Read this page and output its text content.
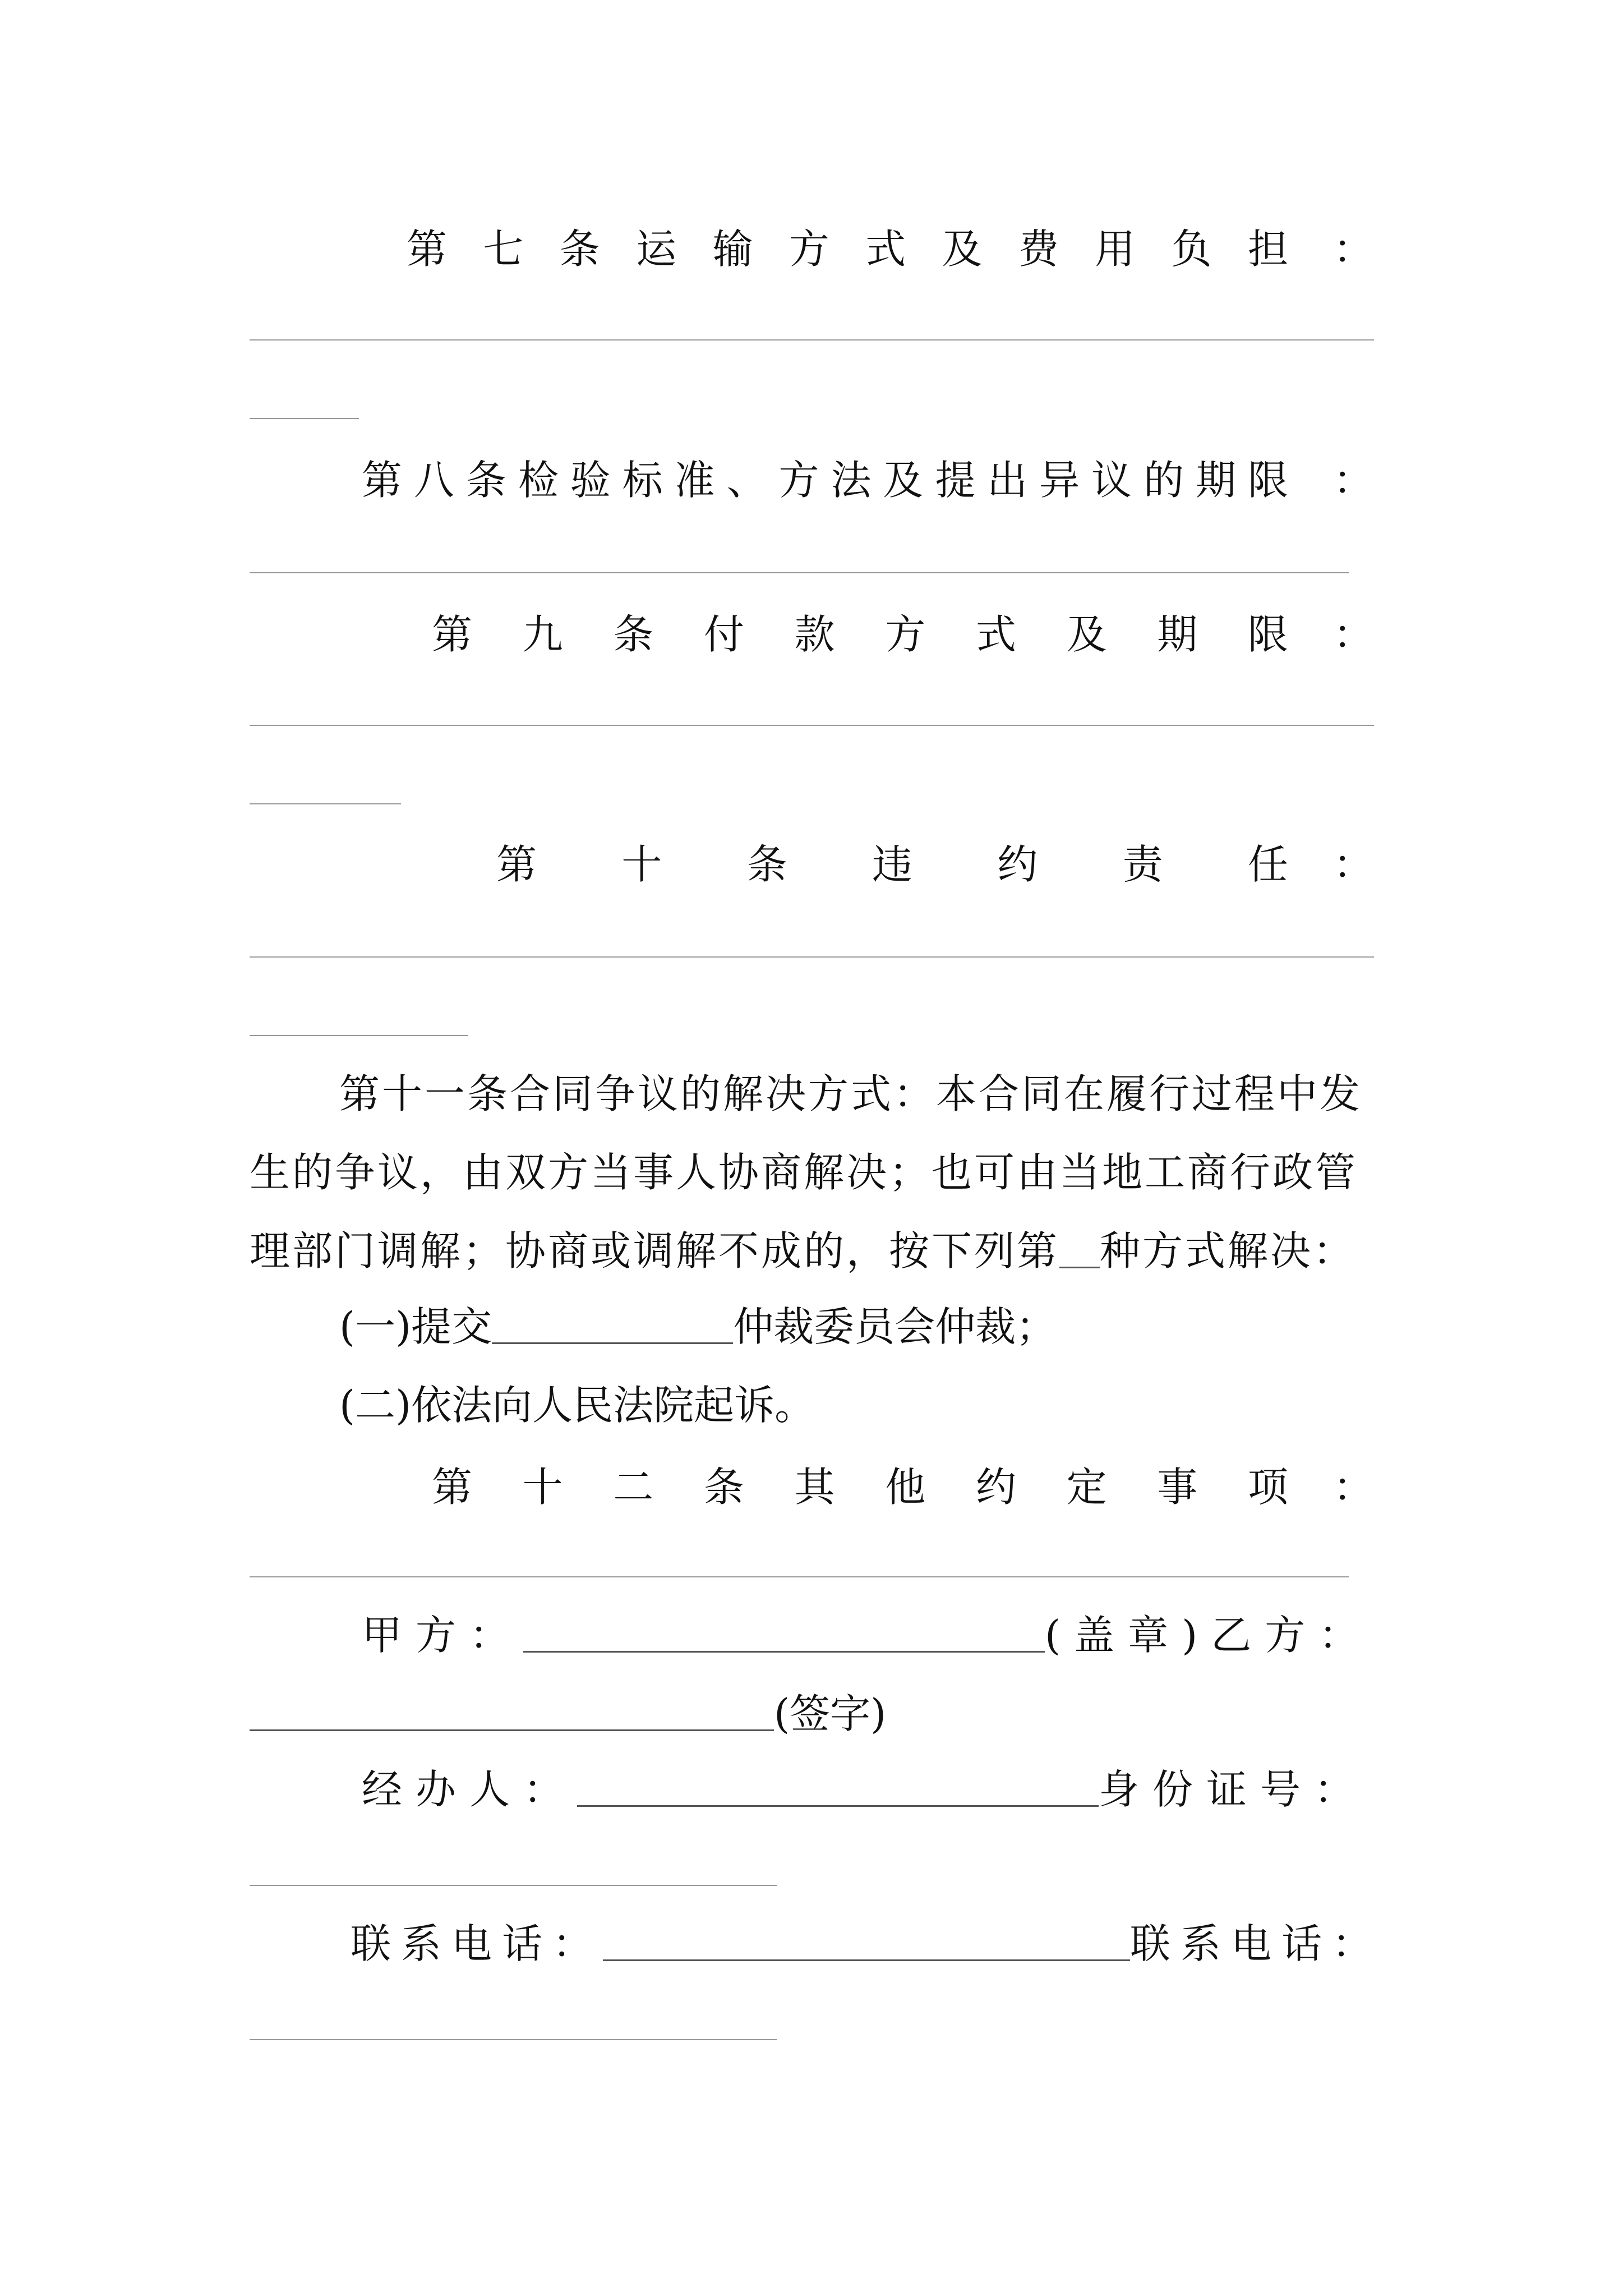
第 七 条 运 输 方 式 及 费 用 负 担 ：
第 八 条 检 验 标 准 、 方 法 及 提 出 异 议 的 期 限 ：
第 九 条 付 款 方 式 及 期 限 ：
第 十 条 违 约 责 任 ：
第十一条合同争议的解决方式：本合同在履行过程中发
生的争议，由双方当事人协商解决；也可由当地工商行政管
理部门调解；协商或调解不成的，按下列第 种方式解决：
(一)提交	仲裁委员会仲裁；
(二)依法向人民法院起诉。
第 十 二 条 其 他 约 定 事 项 ：
甲方：	(盖章)乙方：
(签字)
经办人：	身份证号：
联系电话：	联系电话：
